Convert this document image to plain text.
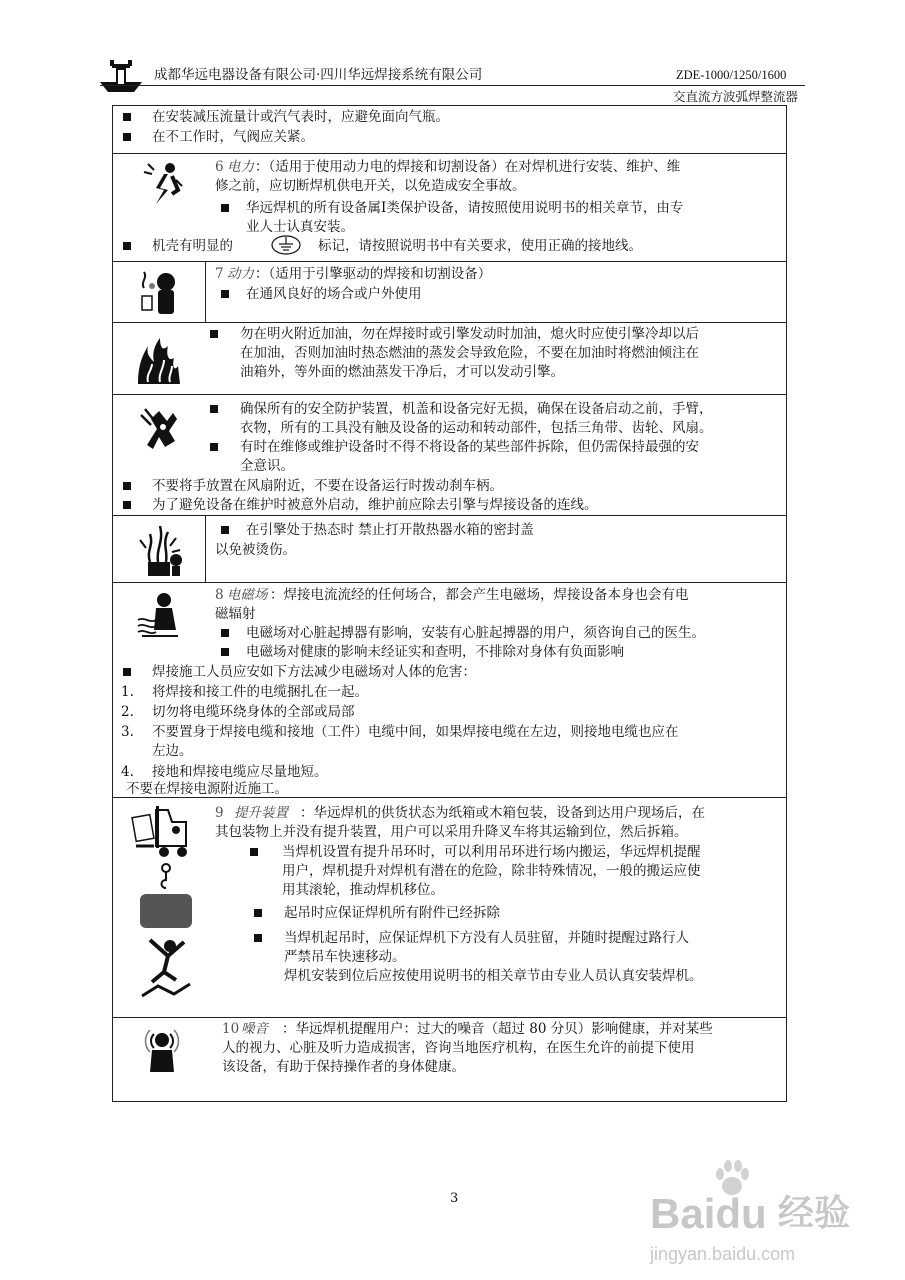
成都华远电器设备有限公司·四川华远焊接系统有限公司	ZDE-1000/1250/1600
交直流方波弧焊整流器
在安装减压流量计或汽气表时，应避免面向气瓶。
在不工作时，气阀应关紧。
6 电力 ：（适用于使用动力电的焊接和切割设备）在对焊机进行安装、维护、维
修之前，应切断焊机供电开关，以免造成安全事故。
华远焊机的所有设备属Ⅰ类保护设备，请按照使用说明书的相关章节，由专
业人士认真安装。
机壳有明显的	标记，请按照说明书中有关要求，使用正确的接地线。
7 动力 ：（适用于引擎驱动的焊接和切割设备）
在通风良好的场合或户外使用
勿在明火附近加油，勿在焊接时或引擎发动时加油，熄火时应使引擎冷却以后
在加油，否则加油时热态燃油的蒸发会导致危险，不要在加油时将燃油倾注在
油箱外，等外面的燃油蒸发干净后，才可以发动引擎。
确保所有的安全防护装置，机盖和设备完好无损，确保在设备启动之前，手臂，
衣物，所有的工具没有触及设备的运动和转动部件，包括三角带、齿轮、风扇。
有时在维修或维护设备时不得不将设备的某些部件拆除，但仍需保持最强的安
全意识。
不要将手放置在风扇附近，不要在设备运行时拨动刹车柄。
为了避免设备在维护时被意外启动，维护前应除去引擎与焊接设备的连线。
在引擎处于热态时 禁止打开散热器水箱的密封盖
以免被烫伤。
8 电磁场 ：焊接电流流经的任何场合，都会产生电磁场，焊接设备本身也会有电
磁辐射
电磁场对心脏起搏器有影响，安装有心脏起搏器的用户，须咨询自己的医生。
电磁场对健康的影响未经证实和查明，不排除对身体有负面影响
焊接施工人员应安如下方法减少电磁场对人体的危害：
1. 将焊接和接工件的电缆捆扎在一起。
2. 切勿将电缆环绕身体的全部或局部
3. 不要置身于焊接电缆和接地（工件）电缆中间，如果焊接电缆在左边，则接地电缆也应在
左边。
4. 接地和焊接电缆应尽量地短。
不要在焊接电源附近施工。
9 提升装置 ：华远焊机的供货状态为纸箱或木箱包装，设备到达用户现场后，在
其包装物上并没有提升装置，用户可以采用升降叉车将其运输到位，然后拆箱。
当焊机设置有提升吊环时，可以利用吊环进行场内搬运，华远焊机提醒
用户，焊机提升对焊机有潜在的危险，除非特殊情况，一般的搬运应使
用其滚轮，推动焊机移位。
起吊时应保证焊机所有附件已经拆除
当焊机起吊时，应保证焊机下方没有人员驻留，并随时提醒过路行人
严禁吊车快速移动。
焊机安装到位后应按使用说明书的相关章节由专业人员认真安装焊机。
10 噪音 ：华远焊机提醒用户：过大的噪音（超过 80 分贝）影响健康，并对某些
人的视力、心脏及听力造成损害，咨询当地医疗机构，在医生允许的前提下使用
该设备，有助于保持操作者的身体健康。
3	Baidu 经验
jingyan.baidu.com
